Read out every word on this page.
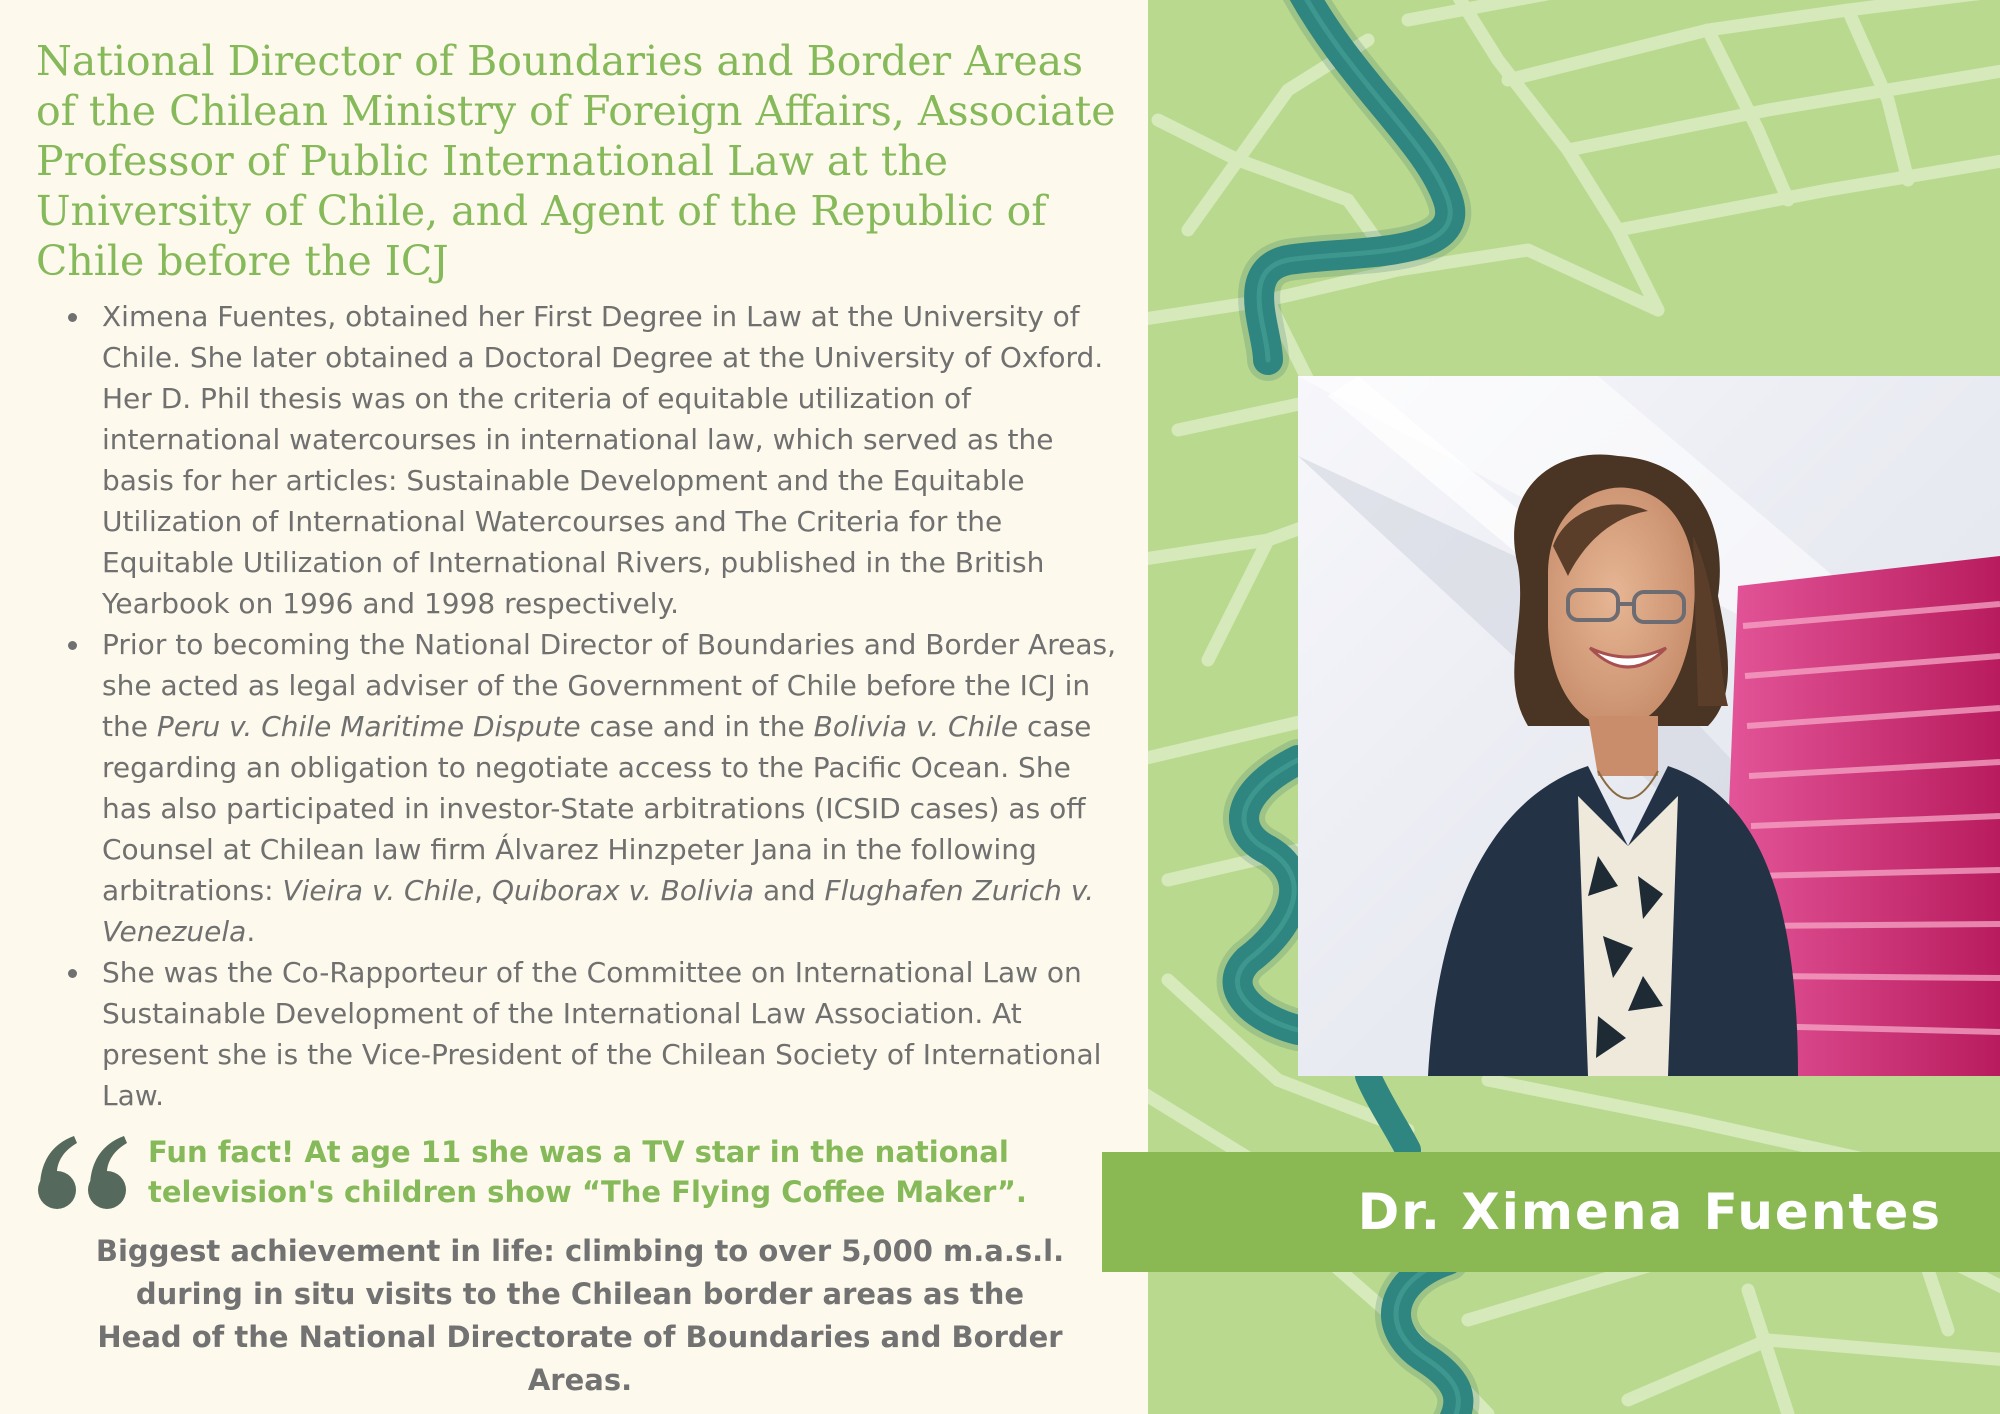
National Director of Boundaries and Border Areas of the Chilean Ministry of Foreign Affairs, Associate Professor of Public International Law at the University of Chile, and Agent of the Republic of Chile before the ICJ
Ximena Fuentes, obtained her First Degree in Law at the University of Chile. She later obtained a Doctoral Degree at the University of Oxford. Her D. Phil thesis was on the criteria of equitable utilization of international watercourses in international law, which served as the basis for her articles: Sustainable Development and the Equitable Utilization of International Watercourses and The Criteria for the Equitable Utilization of International Rivers, published in the British Yearbook on 1996 and 1998 respectively.
Prior to becoming the National Director of Boundaries and Border Areas, she acted as legal adviser of the Government of Chile before the ICJ in the Peru v. Chile Maritime Dispute case and in the Bolivia v. Chile case regarding an obligation to negotiate access to the Pacific Ocean. She has also participated in investor-State arbitrations (ICSID cases) as off Counsel at Chilean law firm Álvarez Hinzpeter Jana in the following arbitrations: Vieira v. Chile, Quiborax v. Bolivia and Flughafen Zurich v. Venezuela.
She was the Co-Rapporteur of the Committee on International Law on Sustainable Development of the International Law Association. At present she is the Vice-President of the Chilean Society of International Law.
Fun fact! At age 11 she was a TV star in the national television's children show “The Flying Coffee Maker”.
Biggest achievement in life: climbing to over 5,000 m.a.s.l. during in situ visits to the Chilean border areas as the Head of the National Directorate of Boundaries and Border Areas.
Dr. Ximena Fuentes
